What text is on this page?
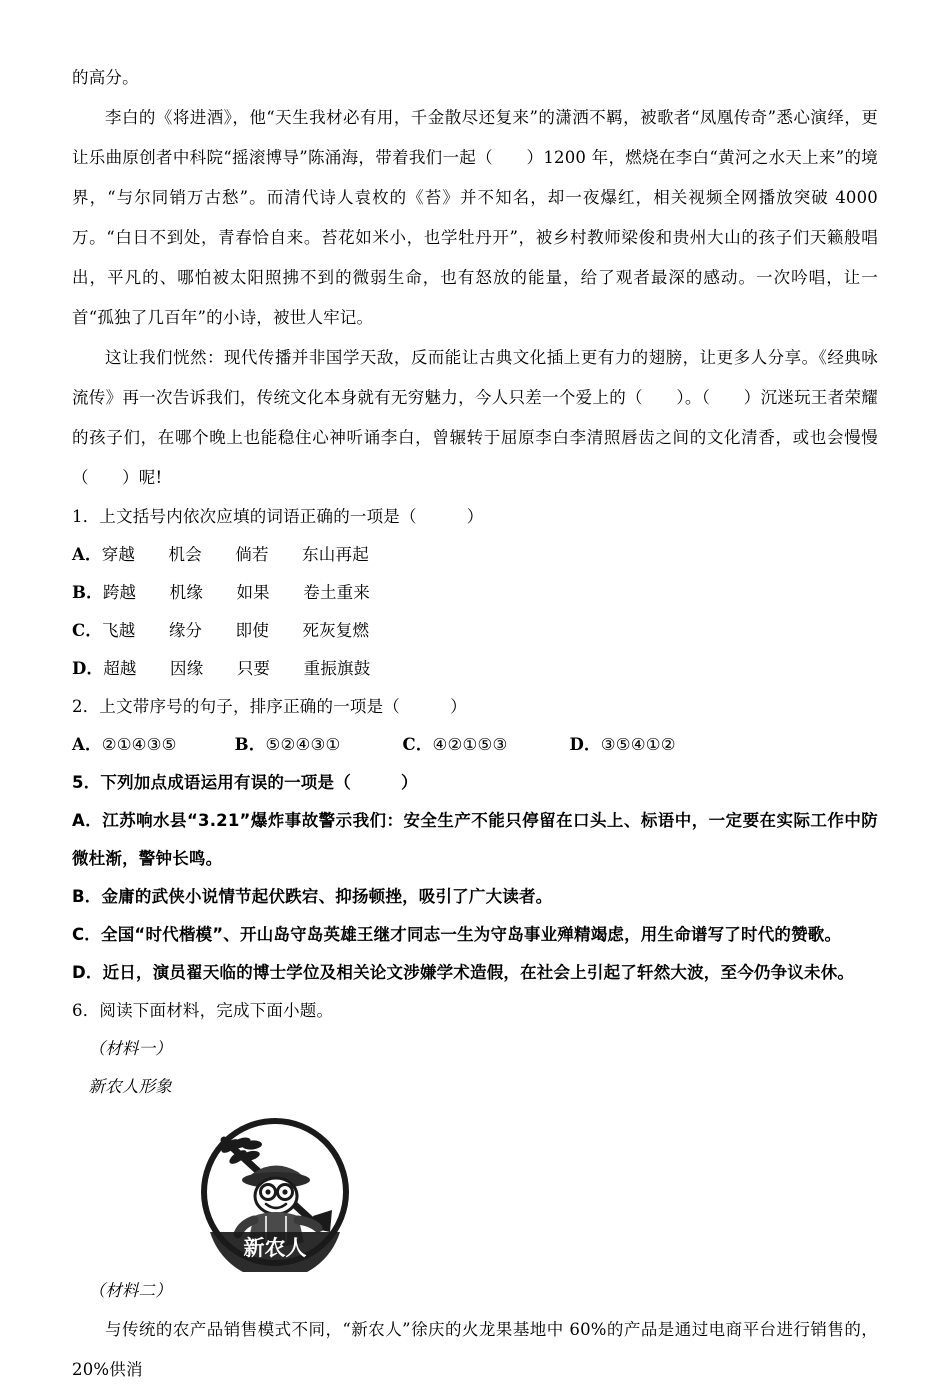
的高分。

李白的《将进酒》，他“天生我材必有用，千金散尽还复来”的潇洒不羁，被歌者“凤凰传奇”悉心演绎，更让乐曲原创者中科院“摇滚博导”陈涌海，带着我们一起（　　）1200 年，燃烧在李白“黄河之水天上来”的境界，“与尔同销万古愁”。而清代诗人袁枚的《苔》并不知名，却一夜爆红，相关视频全网播放突破 4000 万。“白日不到处，青春恰自来。苔花如米小，也学牡丹开”，被乡村教师梁俊和贵州大山的孩子们天籁般唱出，平凡的、哪怕被太阳照拂不到的微弱生命，也有怒放的能量，给了观者最深的感动。一次吟唱，让一首“孤独了几百年”的小诗，被世人牢记。

这让我们恍然：现代传播并非国学天敌，反而能让古典文化插上更有力的翅膀，让更多人分享。《经典咏流传》再一次告诉我们，传统文化本身就有无穷魅力，今人只差一个爱上的（　　）。（　　）沉迷玩王者荣耀的孩子们，在哪个晚上也能稳住心神听诵李白，曾辗转于屈原李白李清照唇齿之间的文化清香，或也会慢慢（　　）呢!

1．上文括号内依次应填的词语正确的一项是（　　　）

A．穿越　　机会　　倘若　　东山再起

B．跨越　　机缘　　如果　　卷土重来

C．飞越　　缘分　　即使　　死灰复燃

D．超越　　因缘　　只要　　重振旗鼓

2．上文带序号的句子，排序正确的一项是（　　　）

A．②①④③⑤	B．⑤②④③①	C．④②①⑤③	D．③⑤④①②

5．下列加点成语运用有误的一项是（　　　）

A．江苏响水县“3.21”爆炸事故警示我们：安全生产不能只停留在口头上、标语中，一定要在实际工作中防微杜渐，警钟长鸣。

B．金庸的武侠小说情节起伏跌宕、抑扬顿挫，吸引了广大读者。

C．全国“时代楷模”、开山岛守岛英雄王继才同志一生为守岛事业殚精竭虑，用生命谱写了时代的赞歌。

D．近日，演员翟天临的博士学位及相关论文涉嫌学术造假，在社会上引起了轩然大波，至今仍争议未休。

6．阅读下面材料，完成下面小题。

（材料一）

新农人形象

新农人

（材料二）

与传统的农产品销售模式不同，“新农人”徐庆的火龙果基地中 60%的产品是通过电商平台进行销售的，20%供消
